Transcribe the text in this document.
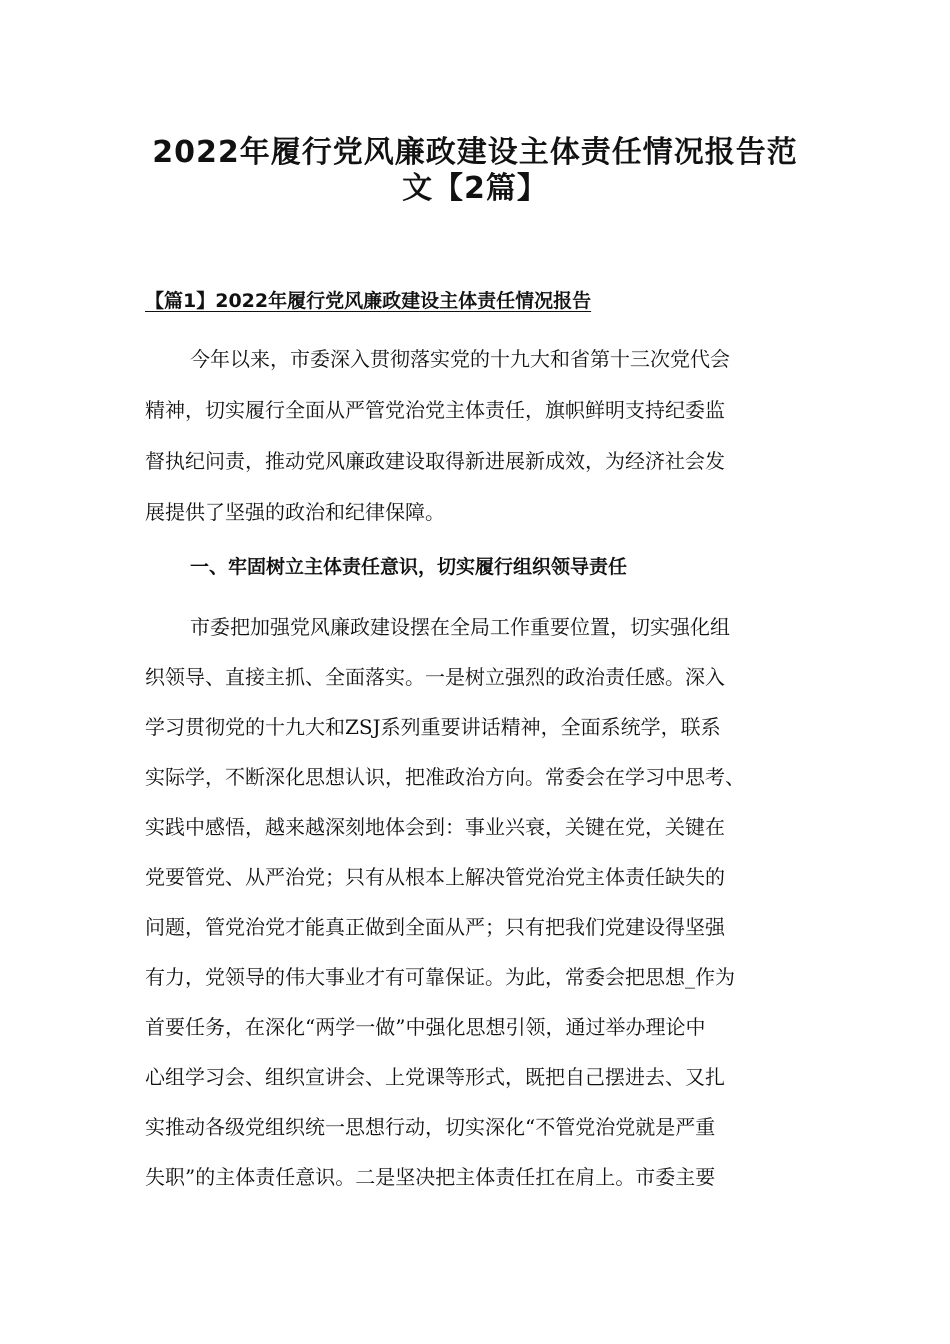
2022年履行党风廉政建设主体责任情况报告范
文【2篇】
【篇1】2022年履行党风廉政建设主体责任情况报告
今年以来，市委深入贯彻落实党的十九大和省第十三次党代会
精神，切实履行全面从严管党治党主体责任，旗帜鲜明支持纪委监
督执纪问责，推动党风廉政建设取得新进展新成效，为经济社会发
展提供了坚强的政治和纪律保障。
一、牢固树立主体责任意识，切实履行组织领导责任
市委把加强党风廉政建设摆在全局工作重要位置，切实强化组
织领导、直接主抓、全面落实。一是树立强烈的政治责任感。深入
学习贯彻党的十九大和ZSJ系列重要讲话精神，全面系统学，联系
实际学，不断深化思想认识，把准政治方向。常委会在学习中思考、
实践中感悟，越来越深刻地体会到：事业兴衰，关键在党，关键在
党要管党、从严治党；只有从根本上解决管党治党主体责任缺失的
问题，管党治党才能真正做到全面从严；只有把我们党建设得坚强
有力，党领导的伟大事业才有可靠保证。为此，常委会把思想_作为
首要任务，在深化“两学一做”中强化思想引领，通过举办理论中
心组学习会、组织宣讲会、上党课等形式，既把自己摆进去、又扎
实推动各级党组织统一思想行动，切实深化“不管党治党就是严重
失职”的主体责任意识。二是坚决把主体责任扛在肩上。市委主要
